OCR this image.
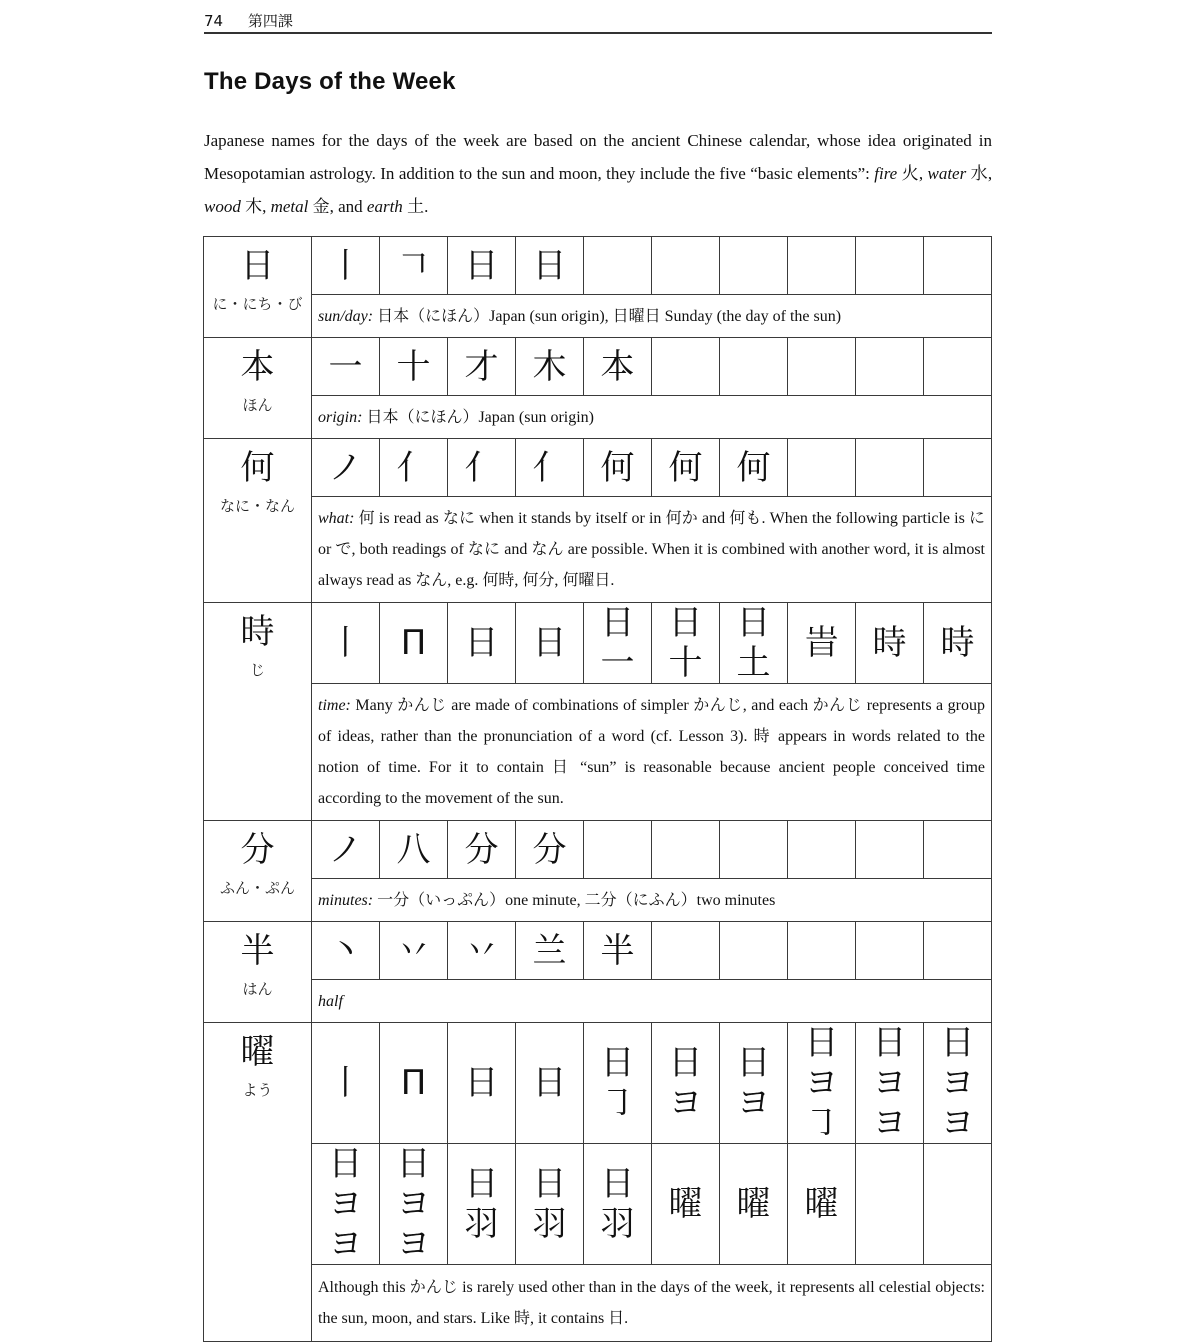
74 第四課
The Days of the Week

Japanese names for the days of the week are based on the ancient Chinese calendar, whose idea originated in Mesopotamian astrology. In addition to the sun and moon, they include the five “basic elements”: fire 火, water 水, wood 木, metal 金, and earth 土.

日
に・にち・び	丨	𠃍	日	日						
	sun/day: 日本（にほん）Japan (sun origin), 日曜日 Sunday (the day of the sun)									

本
ほん	一	十	才	木	本					
	origin: 日本（にほん）Japan (sun origin)									

何
なに・なん	ノ	亻	亻	亻	何	何	何			
	what: 何 is read as なに when it stands by itself or in 何か and 何も. When the following particle is に or で, both readings of なに and なん are possible. When it is combined with another word, it is almost always read as なん, e.g. 何時, 何分, 何曜日.									

時
じ	丨	П	日	日	日一	日十	日土	旹	時	時
	time: Many かんじ are made of combinations of simpler かんじ, and each かんじ represents a group of ideas, rather than the pronunciation of a word (cf. Lesson 3). 時 appears in words related to the notion of time. For it to contain 日 “sun” is reasonable because ancient people conceived time according to the movement of the sun.									

分
ふん・ぷん	ノ	八	分	分						
	minutes: 一分（いっぷん）one minute, 二分（にふん）two minutes									

半
はん	丶	丷	丷	兰	半					
	half									

曜
よう	丨	П	日	日	日㇆	日ヨ	日ヨ	日ヨ㇆	日ヨヨ	日ヨヨ
	日ヨヨ	日ヨヨ	日羽	日羽	日羽	曜	曜	曜		
	Although this かんじ is rarely used other than in the days of the week, it represents all celestial objects: the sun, moon, and stars. Like 時, it contains 日.									
